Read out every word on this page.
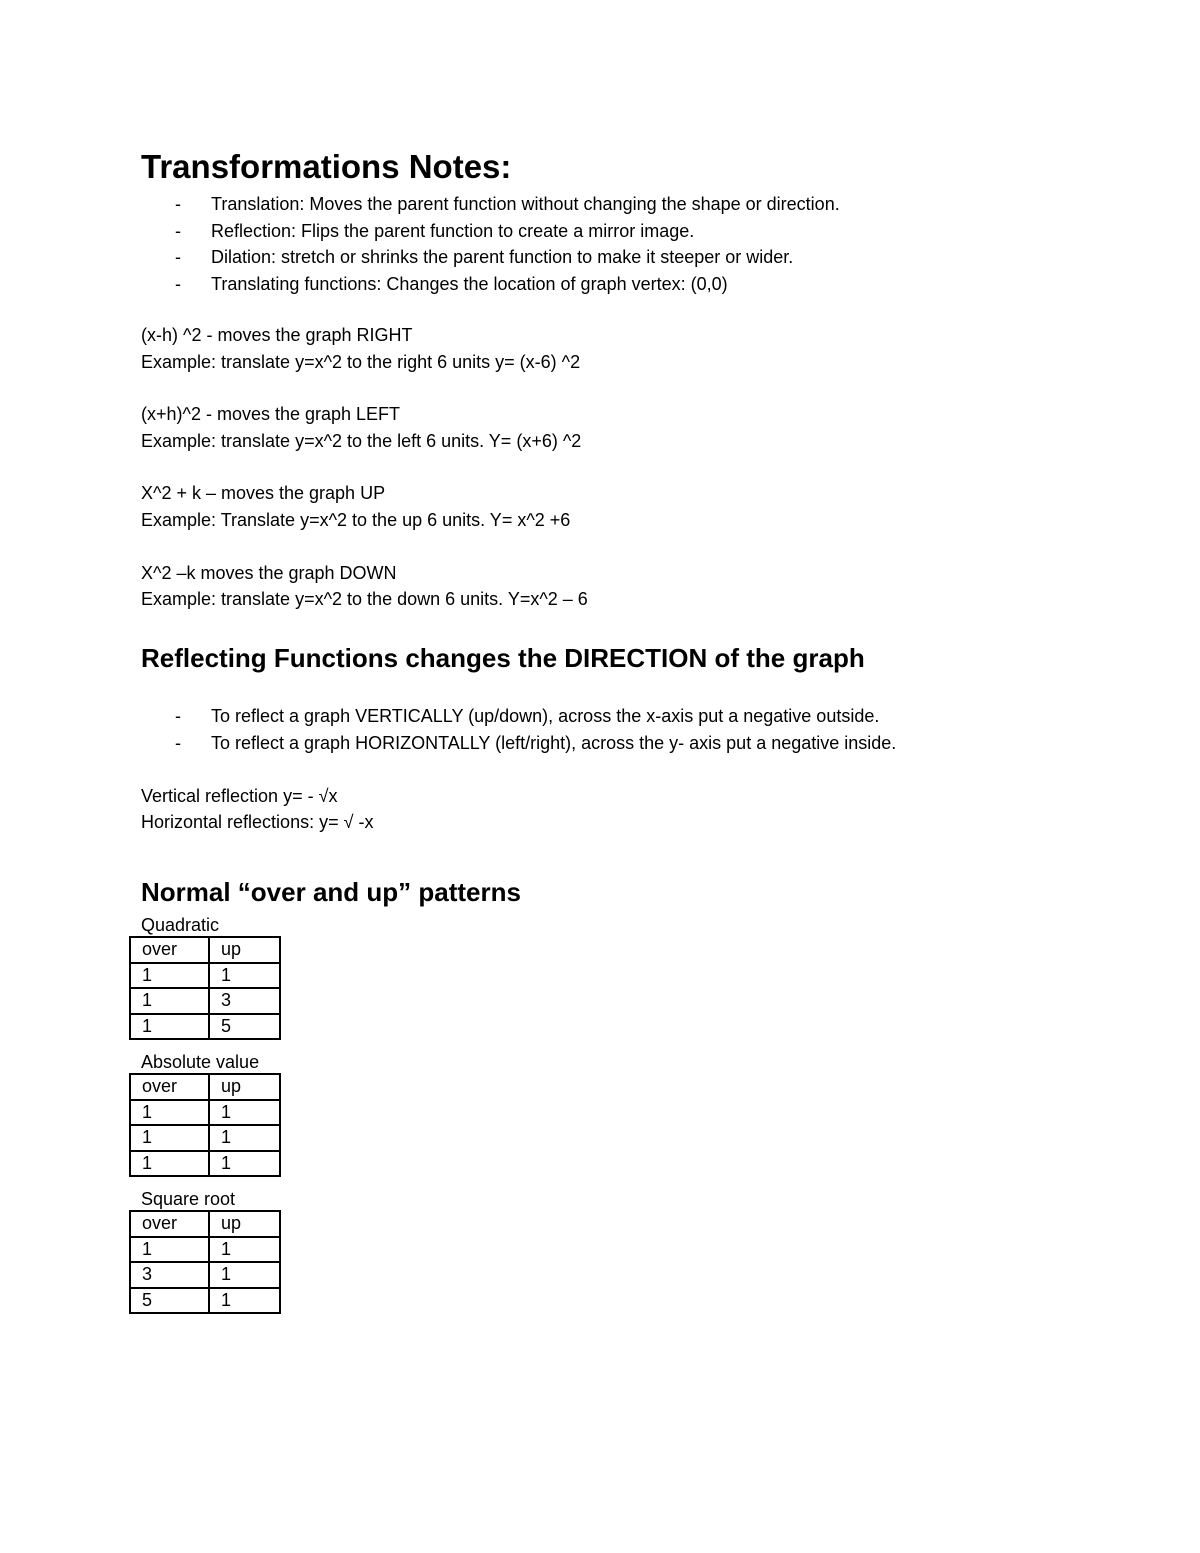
Transformations Notes:
- Translation: Moves the parent function without changing the shape or direction.
- Reflection: Flips the parent function to create a mirror image.
- Dilation: stretch or shrinks the parent function to make it steeper or wider.
- Translating functions: Changes the location of graph vertex: (0,0)
(x-h) ^2 - moves the graph RIGHT
Example: translate y=x^2 to the right 6 units y= (x-6) ^2
(x+h)^2 - moves the graph LEFT
Example: translate y=x^2 to the left 6 units. Y= (x+6) ^2
X^2 + k – moves the graph UP
Example: Translate y=x^2 to the up 6 units. Y= x^2 +6
X^2 –k moves the graph DOWN
Example: translate y=x^2 to the down 6 units. Y=x^2 – 6
Reflecting Functions changes the DIRECTION of the graph
- To reflect a graph VERTICALLY (up/down), across the x-axis put a negative outside.
- To reflect a graph HORIZONTALLY (left/right), across the y- axis put a negative inside.
Vertical reflection y= - √x
Horizontal reflections: y= √ -x
Normal “over and up” patterns
Quadratic
over	up
1	1
1	3
1	5
Absolute value
over	up
1	1
1	1
1	1
Square root
over	up
1	1
3	1
5	1
